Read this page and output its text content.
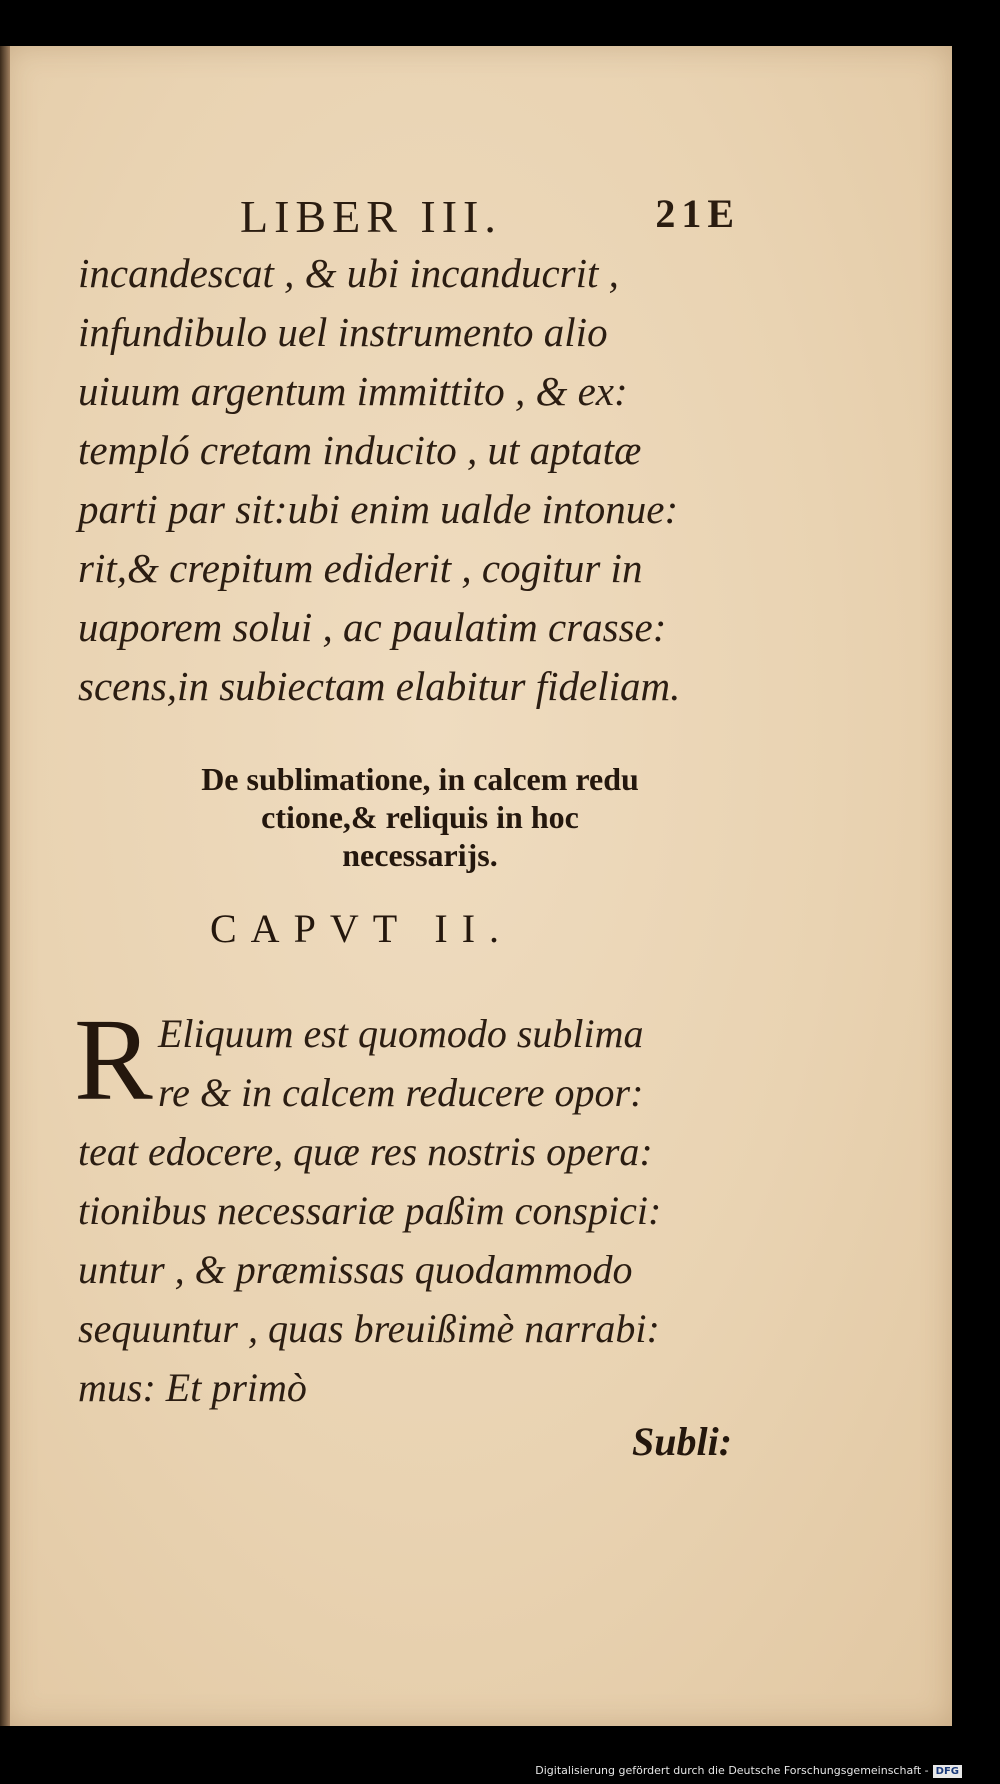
LIBER III.	21E
incandescat , & ubi incanducrit ,
infundibulo uel instrumento alio
uiuum argentum immittito , & ex:
templó cretam inducito , ut aptatæ
parti par sit:ubi enim ualde intonue:
rit,& crepitum ediderit , cogitur in
uaporem solui , ac paulatim crasse:
scens,in subiectam elabitur fideliam.
De sublimatione, in calcem redu
ctione,& reliquis in hoc
necessarijs.
CAPVT II.
R Eliquum est quomodo sublima
re & in calcem reducere opor:
teat edocere, quæ res nostris opera:
tionibus necessariæ paßim conspici:
untur , & præmissas quodammodo
sequuntur , quas breuißimè narrabi:
mus: Et primò
Subli:
Digitalisierung gefördert durch die Deutsche Forschungsgemeinschaft - DFG
